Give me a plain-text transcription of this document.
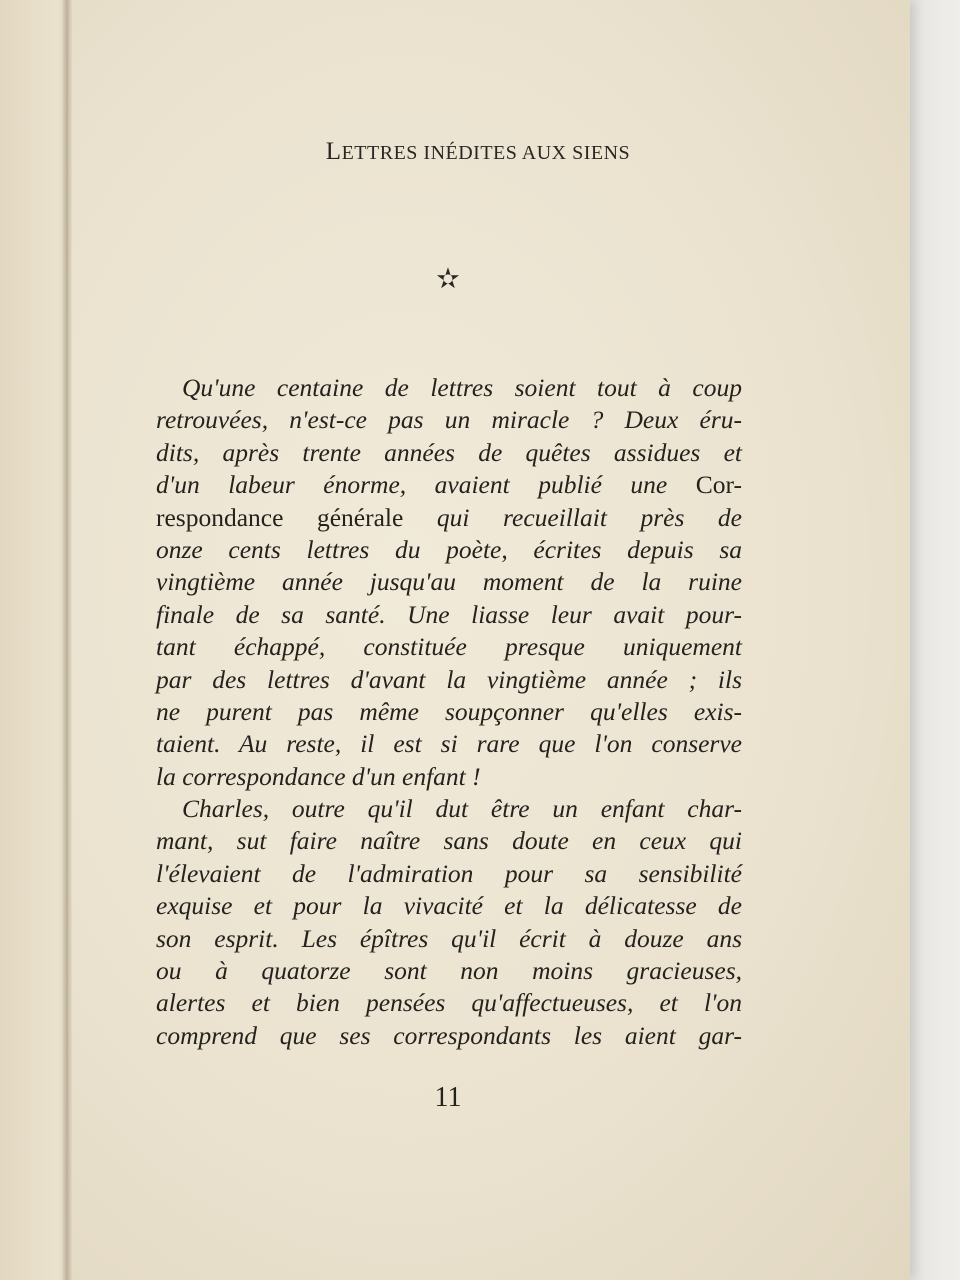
LETTRES INÉDITES AUX SIENS
✫
Qu'une centaine de lettres soient tout à coup
retrouvées, n'est-ce pas un miracle ? Deux éru-
dits, après trente années de quêtes assidues et
d'un labeur énorme, avaient publié une Cor-
respondance générale qui recueillait près de
onze cents lettres du poète, écrites depuis sa
vingtième année jusqu'au moment de la ruine
finale de sa santé. Une liasse leur avait pour-
tant échappé, constituée presque uniquement
par des lettres d'avant la vingtième année ; ils
ne purent pas même soupçonner qu'elles exis-
taient. Au reste, il est si rare que l'on conserve
la correspondance d'un enfant !
Charles, outre qu'il dut être un enfant char-
mant, sut faire naître sans doute en ceux qui
l'élevaient de l'admiration pour sa sensibilité
exquise et pour la vivacité et la délicatesse de
son esprit. Les épîtres qu'il écrit à douze ans
ou à quatorze sont non moins gracieuses,
alertes et bien pensées qu'affectueuses, et l'on
comprend que ses correspondants les aient gar-
11
